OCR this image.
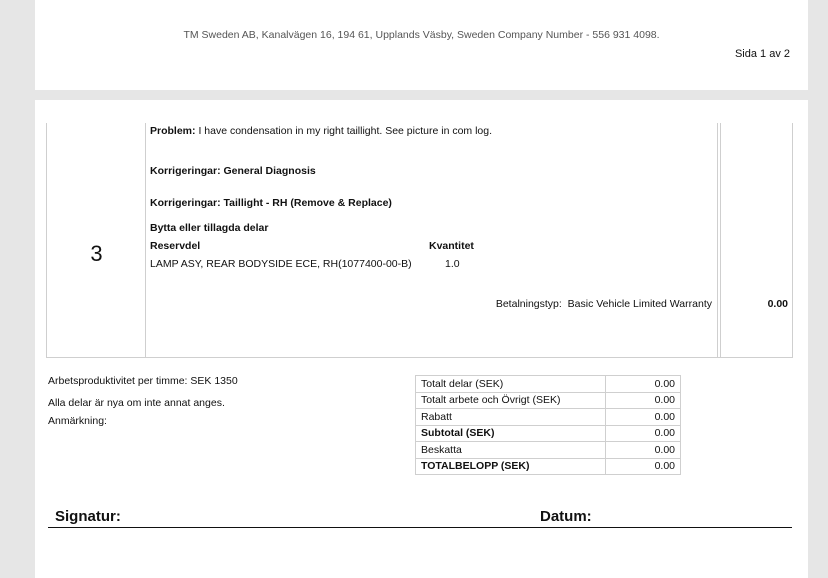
TM Sweden AB, Kanalvägen 16, 194 61, Upplands Väsby, Sweden Company Number - 556 931 4098.
Sida 1 av 2
3
Problem: I have condensation in my right taillight. See picture in com log.
Korrigeringar: General Diagnosis
Korrigeringar: Taillight - RH (Remove & Replace)
Bytta eller tillagda delar
Reservdel	Kvantitet
LAMP ASY, REAR BODYSIDE ECE, RH(1077400-00-B)	1.0
Betalningstyp: Basic Vehicle Limited Warranty	0.00
Arbetsproduktivitet per timme: SEK 1350
Alla delar är nya om inte annat anges.
Anmärkning:
Totalt delar (SEK)	0.00
Totalt arbete och Övrigt (SEK)	0.00
Rabatt	0.00
Subtotal (SEK)	0.00
Beskatta	0.00
TOTALBELOPP (SEK)	0.00
Signatur:	Datum:
